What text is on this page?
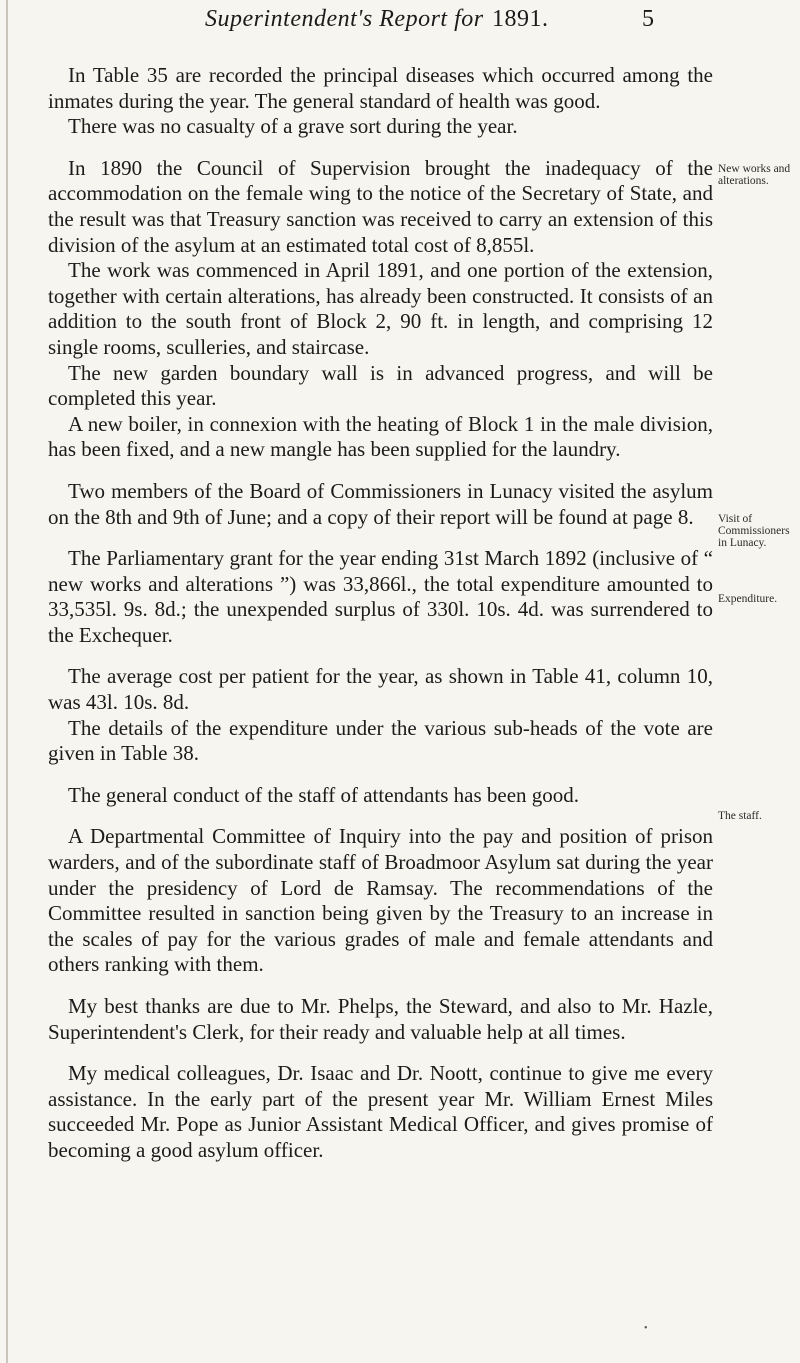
Superintendent's Report for 1891.	5

In Table 35 are recorded the principal diseases which occurred among the inmates during the year. The general standard of health was good.

There was no casualty of a grave sort during the year.

In 1890 the Council of Supervision brought the inadequacy of the accommodation on the female wing to the notice of the Secretary of State, and the result was that Treasury sanction was received to carry an extension of this division of the asylum at an estimated total cost of 8,855l.

The work was commenced in April 1891, and one portion of the extension, together with certain alterations, has already been constructed. It consists of an addition to the south front of Block 2, 90 ft. in length, and comprising 12 single rooms, sculleries, and staircase.

The new garden boundary wall is in advanced progress, and will be completed this year.

A new boiler, in connexion with the heating of Block 1 in the male division, has been fixed, and a new mangle has been supplied for the laundry.

Two members of the Board of Commissioners in Lunacy visited the asylum on the 8th and 9th of June; and a copy of their report will be found at page 8.

The Parliamentary grant for the year ending 31st March 1892 (inclusive of “ new works and alterations ”) was 33,866l., the total expenditure amounted to 33,535l. 9s. 8d.; the unexpended surplus of 330l. 10s. 4d. was surrendered to the Exchequer.

The average cost per patient for the year, as shown in Table 41, column 10, was 43l. 10s. 8d.

The details of the expenditure under the various sub-heads of the vote are given in Table 38.

The general conduct of the staff of attendants has been good.

A Departmental Committee of Inquiry into the pay and position of prison warders, and of the subordinate staff of Broadmoor Asylum sat during the year under the presidency of Lord de Ramsay. The recommendations of the Committee resulted in sanction being given by the Treasury to an increase in the scales of pay for the various grades of male and female attendants and others ranking with them.

My best thanks are due to Mr. Phelps, the Steward, and also to Mr. Hazle, Superintendent's Clerk, for their ready and valuable help at all times.

My medical colleagues, Dr. Isaac and Dr. Noott, continue to give me every assistance. In the early part of the present year Mr. William Ernest Miles succeeded Mr. Pope as Junior Assistant Medical Officer, and gives promise of becoming a good asylum officer.

New works and alterations.
Visit of Commissioners in Lunacy.
Expenditure.
The staff.
•
